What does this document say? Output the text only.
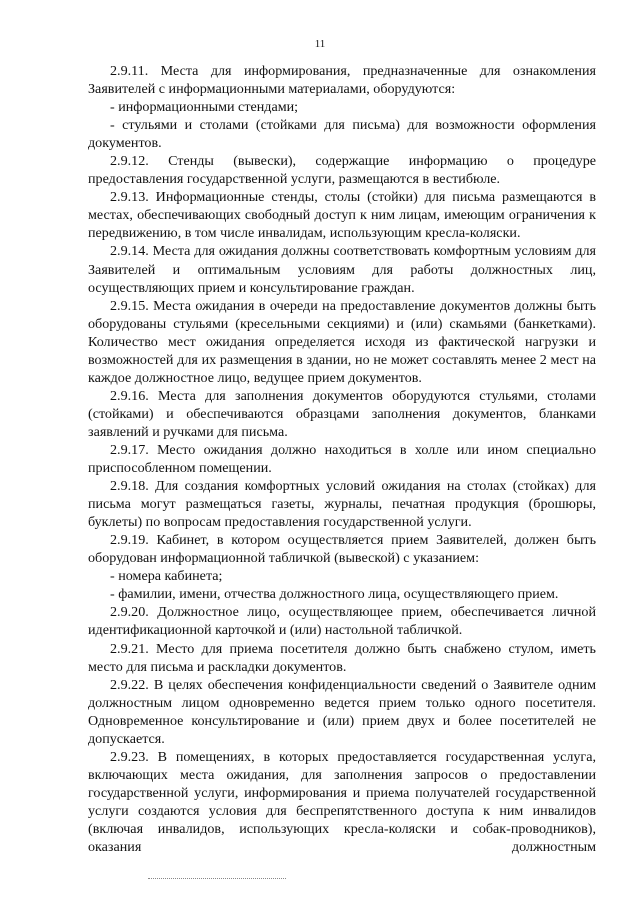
11

2.9.11. Места для информирования, предназначенные для ознакомления Заявителей с информационными материалами, оборудуются:

- информационными стендами;

- стульями и столами (стойками для письма) для возможности оформления документов.

2.9.12. Стенды (вывески), содержащие информацию о процедуре предоставления государственной услуги, размещаются в вестибюле.

2.9.13. Информационные стенды, столы (стойки) для письма размещаются в местах, обеспечивающих свободный доступ к ним лицам, имеющим ограничения к передвижению, в том числе инвалидам, использующим кресла-коляски.

2.9.14. Места для ожидания должны соответствовать комфортным условиям для Заявителей и оптимальным условиям для работы должностных лиц, осуществляющих прием и консультирование граждан.

2.9.15. Места ожидания в очереди на предоставление документов должны быть оборудованы стульями (кресельными секциями) и (или) скамьями (банкетками). Количество мест ожидания определяется исходя из фактической нагрузки и возможностей для их размещения в здании, но не может составлять менее 2 мест на каждое должностное лицо, ведущее прием документов.

2.9.16. Места для заполнения документов оборудуются стульями, столами (стойками) и обеспечиваются образцами заполнения документов, бланками заявлений и ручками для письма.

2.9.17. Место ожидания должно находиться в холле или ином специально приспособленном помещении.

2.9.18. Для создания комфортных условий ожидания на столах (стойках) для письма могут размещаться газеты, журналы, печатная продукция (брошюры, буклеты) по вопросам предоставления государственной услуги.

2.9.19. Кабинет, в котором осуществляется прием Заявителей, должен быть оборудован информационной табличкой (вывеской) с указанием:

- номера кабинета;

- фамилии, имени, отчества должностного лица, осуществляющего прием.

2.9.20. Должностное лицо, осуществляющее прием, обеспечивается личной идентификационной карточкой и (или) настольной табличкой.

2.9.21. Место для приема посетителя должно быть снабжено стулом, иметь место для письма и раскладки документов.

2.9.22. В целях обеспечения конфиденциальности сведений о Заявителе одним должностным лицом одновременно ведется прием только одного посетителя. Одновременное консультирование и (или) прием двух и более посетителей не допускается.

2.9.23. В помещениях, в которых предоставляется государственная услуга, включающих места ожидания, для заполнения запросов о предоставлении государственной услуги, информирования и приема получателей государственной услуги создаются условия для беспрепятственного доступа к ним инвалидов (включая инвалидов, использующих кресла-коляски и собак-проводников), оказания должностным
